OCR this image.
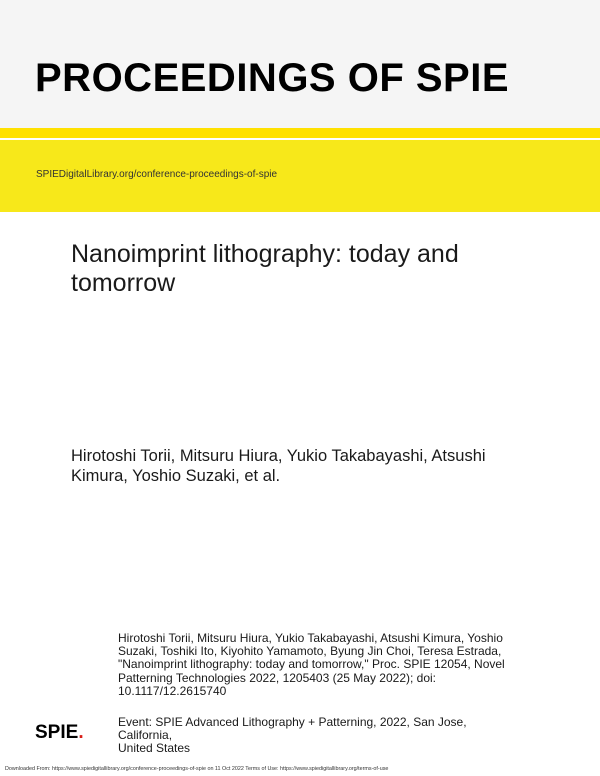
PROCEEDINGS OF SPIE
SPIEDigitalLibrary.org/conference-proceedings-of-spie
Nanoimprint lithography: today and
tomorrow

Hirotoshi Torii, Mitsuru Hiura, Yukio Takabayashi, Atsushi
Kimura, Yoshio Suzaki, et al.

Hirotoshi Torii, Mitsuru Hiura, Yukio Takabayashi, Atsushi Kimura, Yoshio
Suzaki, Toshiki Ito, Kiyohito Yamamoto, Byung Jin Choi, Teresa Estrada,
"Nanoimprint lithography: today and tomorrow," Proc. SPIE 12054, Novel
Patterning Technologies 2022, 1205403 (25 May 2022); doi:
10.1117/12.2615740

Event: SPIE Advanced Lithography + Patterning, 2022, San Jose, California,
United States

SPIE.
Downloaded From: https://www.spiedigitallibrary.org/conference-proceedings-of-spie on 11 Oct 2022 Terms of Use: https://www.spiedigitallibrary.org/terms-of-use
